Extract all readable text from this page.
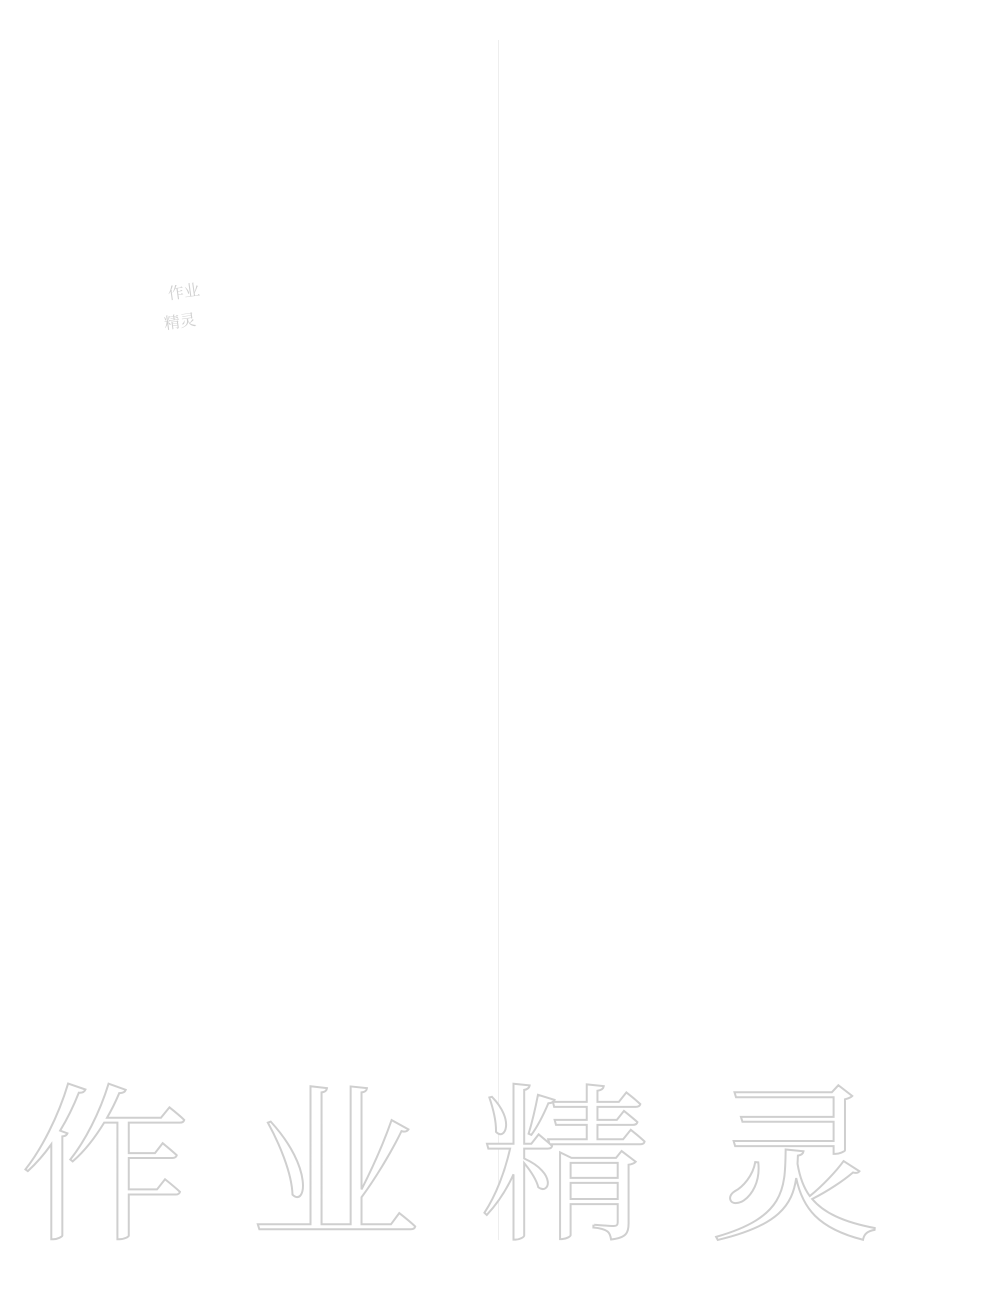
作业精灵
作业
精灵
